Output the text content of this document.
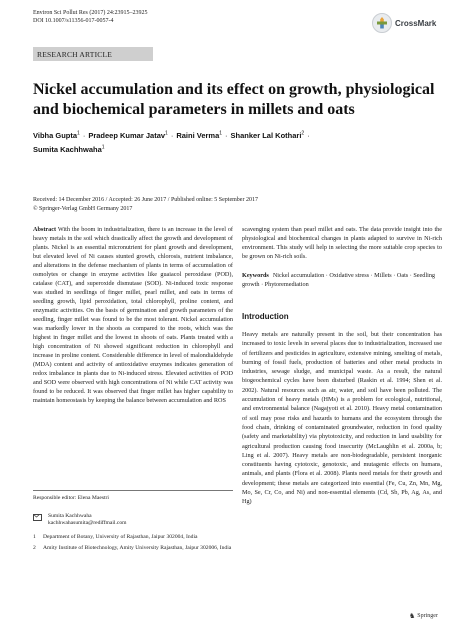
Environ Sci Pollut Res (2017) 24:23915–23925
DOI 10.1007/s11356-017-0057-4	CrossMark
RESEARCH ARTICLE
Nickel accumulation and its effect on growth, physiological and biochemical parameters in millets and oats
Vibha Gupta$^1$ · Pradeep Kumar Jatav$^1$ · Raini Verma$^1$ · Shanker Lal Kothari$^2$ ·
Sumita Kachhwaha$^1$
Received: 14 December 2016 / Accepted: 26 June 2017 / Published online: 5 September 2017
© Springer-Verlag GmbH Germany 2017

Abstract With the boom in industrialization, there is an increase in the level of heavy metals in the soil which drastically affect the growth and development of plants. Nickel is an essential micronutrient for plant growth and development, but elevated level of Ni causes stunted growth, chlorosis, nutrient imbalance, and alterations in the defense mechanism of plants in terms of accumulation of osmolytes or change in enzyme activities like guaiacol peroxidase (POD), catalase (CAT), and superoxide dismutase (SOD). Ni-induced toxic response was studied in seedlings of finger millet, pearl millet, and oats in terms of seedling growth, lipid peroxidation, total chlorophyll, proline content, and enzymatic activities. On the basis of germination and growth parameters of the seedling, finger millet was found to be the most tolerant. Nickel accumulation was markedly lower in the shoots as compared to the roots, which was the highest in finger millet and the lowest in shoots of oats. Plants treated with a high concentration of Ni showed significant reduction in chlorophyll and increase in proline content. Considerable difference in level of malondialdehyde (MDA) content and activity of antioxidative enzymes indicates generation of redox imbalance in plants due to Ni-induced stress. Elevated activities of POD and SOD were observed with high concentrations of Ni while CAT activity was found to be reduced. It was observed that finger millet has higher capability to maintain homeostasis by keeping the balance between accumulation and ROS

Responsible editor: Elena Maestri
Sumita Kachhwaha
kachhwahasumita@rediffmail.com
1 Department of Botany, University of Rajasthan, Jaipur 302004, India
2 Amity Institute of Biotechnology, Amity University Rajasthan, Jaipur 302006, India

scavenging system than pearl millet and oats. The data provide insight into the physiological and biochemical changes in plants adapted to survive in Ni-rich environment. This study will help in selecting the more suitable crop species to be grown on Ni-rich soils.

Keywords Nickel accumulation · Oxidative stress · Millets · Oats · Seedling growth · Phytoremediation
Introduction

Heavy metals are naturally present in the soil, but their concentration has increased to toxic levels in several places due to industrialization, increased use of fertilizers and pesticides in agriculture, extensive mining, smelting of metals, burning of fossil fuels, production of batteries and other metal products in industries, sewage sludge, and municipal waste. As a result, the natural biogeochemical cycles have been disturbed (Raskin et al. 1994; Shen et al. 2002). Natural resources such as air, water, and soil have been polluted. The accumulation of heavy metals (HMs) is a problem for ecological, nutritional, and environmental balance (Nagajyoti et al. 2010). Heavy metal contamination of soil may pose risks and hazards to humans and the ecosystem through the food chain, drinking of contaminated groundwater, reduction in food quality (safety and marketability) via phytotoxicity, and reduction in land usability for agricultural production causing food insecurity (McLaughlin et al. 2000a, b; Ling et al. 2007). Heavy metals are non-biodegradable, persistent inorganic constituents having cytotoxic, genotoxic, and mutagenic effects on humans, animals, and plants (Flora et al. 2008). Plants need metals for their growth and development; these metals are categorized into essential (Fe, Cu, Zn, Mn, Mg, Mo, Se, Cr, Co, and Ni) and non-essential elements (Cd, Sb, Pb, Ag, As, and Hg)

♞ Springer
